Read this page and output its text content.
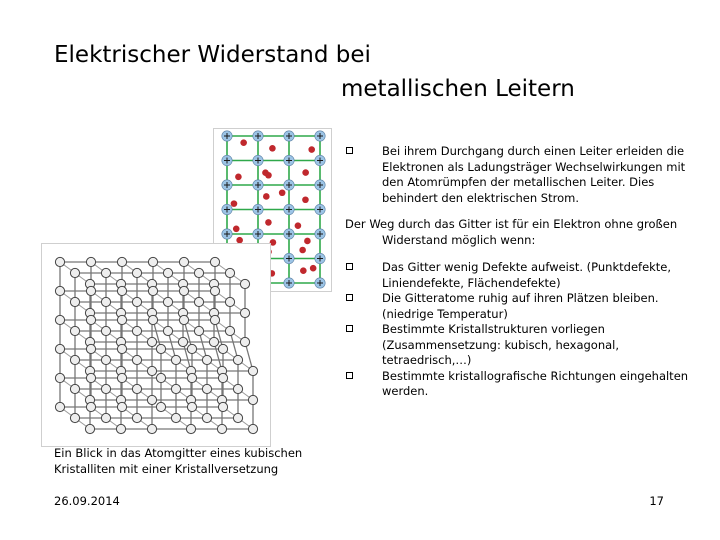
Elektrischer Widerstand bei
metallischen Leitern
Bei ihrem Durchgang durch einen Leiter erleiden die Elektronen als Ladungsträger Wechselwirkungen mit den Atomrümpfen der metallischen Leiter. Dies behindert den elektrischen Strom.
Der Weg durch das Gitter ist für ein Elektron ohne großen
Widerstand möglich wenn:
Das Gitter wenig Defekte aufweist. (Punktdefekte, Liniendefekte, Flächendefekte)
Die Gitteratome ruhig auf ihren Plätzen bleiben. (niedrige Temperatur)
Bestimmte Kristallstrukturen vorliegen (Zusammensetzung: kubisch, hexagonal, tetraedrisch,…)
Bestimmte kristallografische Richtungen eingehalten werden.
Ein Blick in das Atomgitter eines kubischen Kristalliten mit einer Kristallversetzung
26.09.2014	17
